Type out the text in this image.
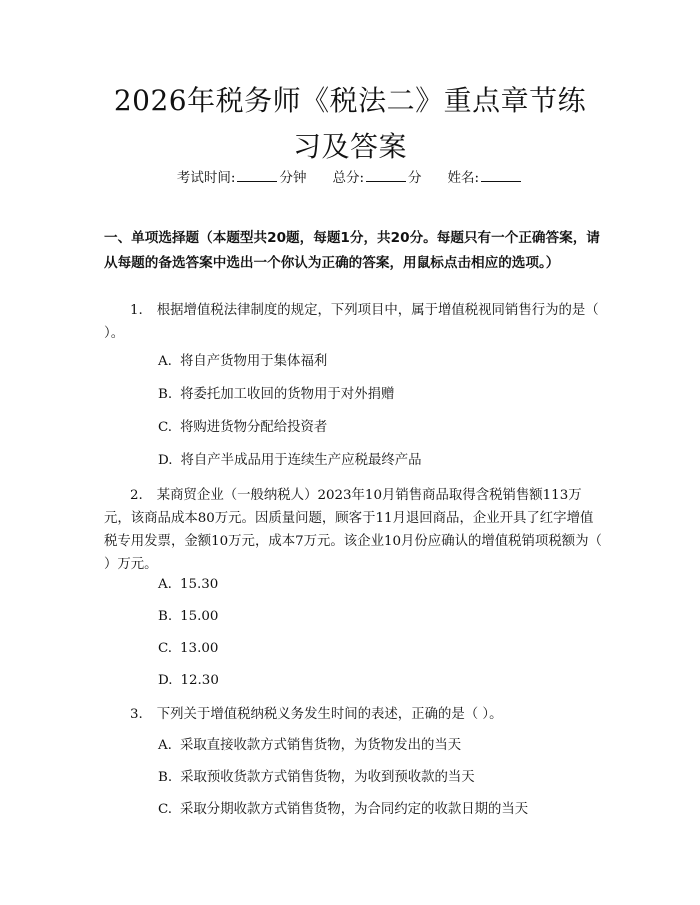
2026年税务师《税法二》重点章节练习及答案
考试时间:	分钟 总分:	分 姓名:

一、单项选择题（本题型共20题，每题1分，共20分。每题只有一个正确答案，请从每题的备选答案中选出一个你认为正确的答案，用鼠标点击相应的选项。）

1. 根据增值税法律制度的规定，下列项目中，属于增值税视同销售行为的是（ ）。

A. 将自产货物用于集体福利

B. 将委托加工收回的货物用于对外捐赠

C. 将购进货物分配给投资者

D. 将自产半成品用于连续生产应税最终产品

2. 某商贸企业（一般纳税人）2023年10月销售商品取得含税销售额113万元，该商品成本80万元。因质量问题，顾客于11月退回商品，企业开具了红字增值税专用发票，金额10万元，成本7万元。该企业10月份应确认的增值税销项税额为（ ）万元。

A. 15.30

B. 15.00

C. 13.00

D. 12.30

3. 下列关于增值税纳税义务发生时间的表述，正确的是（ ）。

A. 采取直接收款方式销售货物，为货物发出的当天

B. 采取预收货款方式销售货物，为收到预收款的当天

C. 采取分期收款方式销售货物，为合同约定的收款日期的当天
